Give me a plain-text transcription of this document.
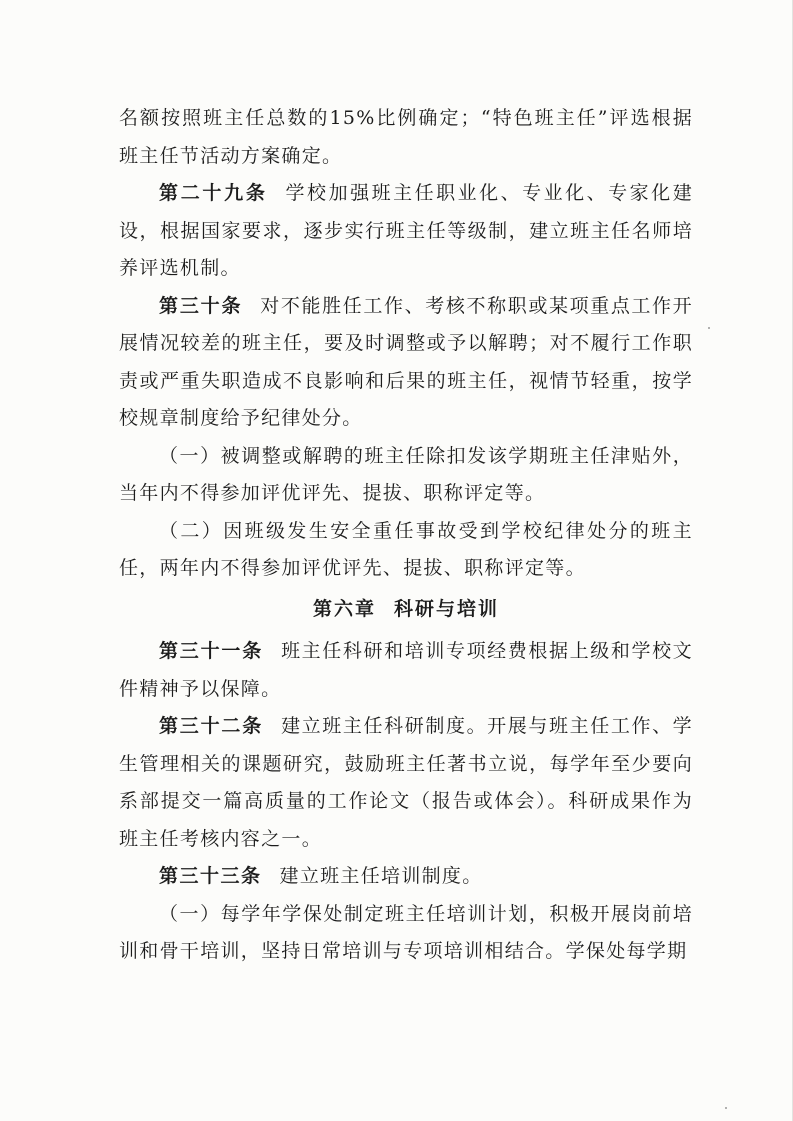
名额按照班主任总数的15%比例确定；“特色班主任”评选根据班主任节活动方案确定。

第二十九条 学校加强班主任职业化、专业化、专家化建设，根据国家要求，逐步实行班主任等级制，建立班主任名师培养评选机制。

第三十条 对不能胜任工作、考核不称职或某项重点工作开展情况较差的班主任，要及时调整或予以解聘；对不履行工作职责或严重失职造成不良影响和后果的班主任，视情节轻重，按学校规章制度给予纪律处分。

（一）被调整或解聘的班主任除扣发该学期班主任津贴外，当年内不得参加评优评先、提拔、职称评定等。

（二）因班级发生安全重任事故受到学校纪律处分的班主任，两年内不得参加评优评先、提拔、职称评定等。

第六章 科研与培训

第三十一条 班主任科研和培训专项经费根据上级和学校文件精神予以保障。

第三十二条 建立班主任科研制度。开展与班主任工作、学生管理相关的课题研究，鼓励班主任著书立说，每学年至少要向系部提交一篇高质量的工作论文（报告或体会）。科研成果作为班主任考核内容之一。

第三十三条 建立班主任培训制度。

（一）每学年学保处制定班主任培训计划，积极开展岗前培训和骨干培训，坚持日常培训与专项培训相结合。学保处每学期
